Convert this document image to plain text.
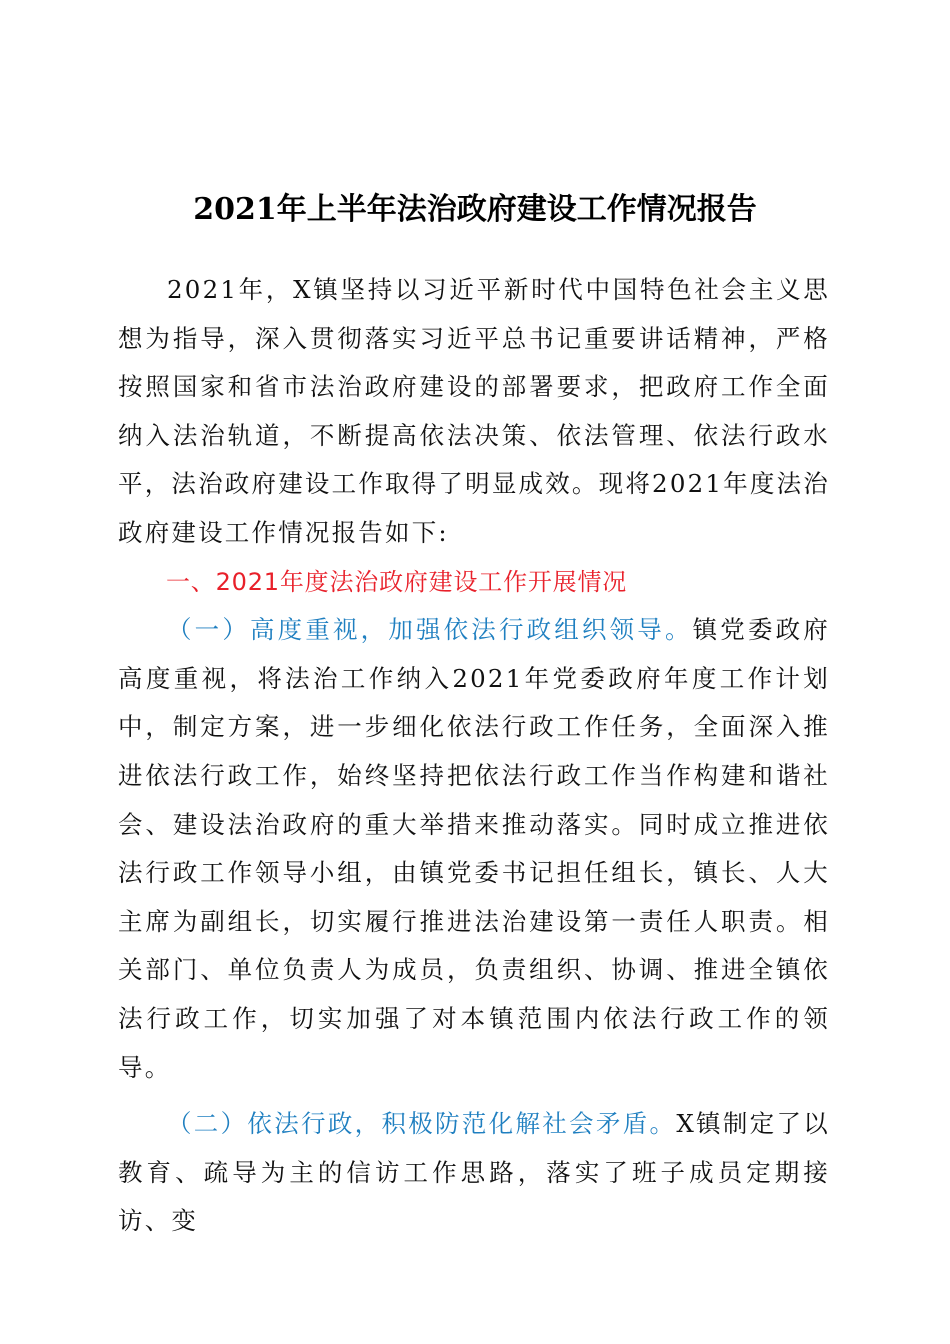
2021年上半年法治政府建设工作情况报告

2021年，X镇坚持以习近平新时代中国特色社会主义思想为指导，深入贯彻落实习近平总书记重要讲话精神，严格按照国家和省市法治政府建设的部署要求，把政府工作全面纳入法治轨道，不断提高依法决策、依法管理、依法行政水平，法治政府建设工作取得了明显成效。现将2021年度法治政府建设工作情况报告如下:

一、2021年度法治政府建设工作开展情况

（一）高度重视，加强依法行政组织领导。镇党委政府高度重视，将法治工作纳入2021年党委政府年度工作计划中，制定方案，进一步细化依法行政工作任务，全面深入推进依法行政工作，始终坚持把依法行政工作当作构建和谐社会、建设法治政府的重大举措来推动落实。同时成立推进依法行政工作领导小组，由镇党委书记担任组长，镇长、人大主席为副组长，切实履行推进法治建设第一责任人职责。相关部门、单位负责人为成员，负责组织、协调、推进全镇依法行政工作，切实加强了对本镇范围内依法行政工作的领导。

（二）依法行政，积极防范化解社会矛盾。X镇制定了以教育、疏导为主的信访工作思路，落实了班子成员定期接访、变
